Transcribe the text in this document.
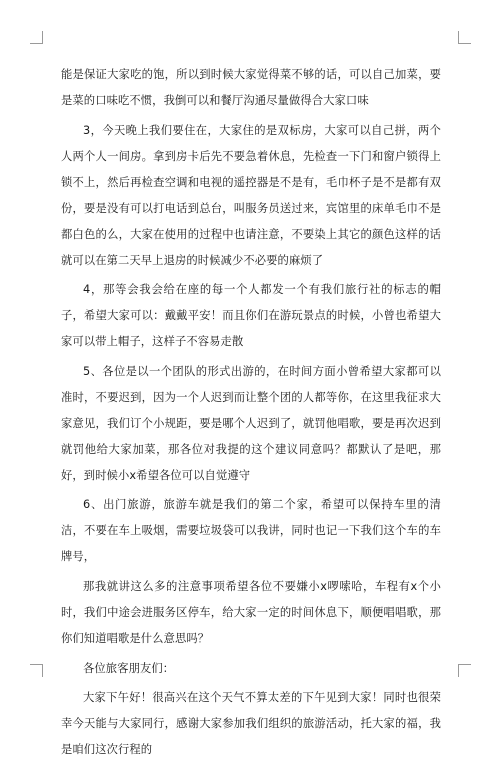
能是保证大家吃的饱，所以到时候大家觉得菜不够的话，可以自己加菜，要是菜的口味吃不惯，我倒可以和餐厅沟通尽量做得合大家口味

3，今天晚上我们要住在，大家住的是双标房，大家可以自己拼，两个人两个人一间房。拿到房卡后先不要急着休息，先检查一下门和窗户锁得上锁不上，然后再检查空调和电视的遥控器是不是有，毛巾杯子是不是都有双份，要是没有可以打电话到总台，叫服务员送过来，宾馆里的床单毛巾不是都白色的么，大家在使用的过程中也请注意，不要染上其它的颜色这样的话就可以在第二天早上退房的时候减少不必要的麻烦了

4，那等会我会给在座的每一个人都发一个有我们旅行社的标志的帽子，希望大家可以：戴戴平安！而且你们在游玩景点的时候，小曾也希望大家可以带上帽子，这样子不容易走散

5、各位是以一个团队的形式出游的，在时间方面小曾希望大家都可以准时，不要迟到，因为一个人迟到而让整个团的人都等你，在这里我征求大家意见，我们订个小规距，要是哪个人迟到了，就罚他唱歌，要是再次迟到就罚他给大家加菜，那各位对我提的这个建议同意吗？都默认了是吧，那好，到时候小x希望各位可以自觉遵守

6、出门旅游，旅游车就是我们的第二个家，希望可以保持车里的清洁，不要在车上吸烟，需要垃圾袋可以我讲，同时也记一下我们这个车的车牌号，

那我就讲这么多的注意事项希望各位不要嫌小x啰嗦哈，车程有x个小时，我们中途会进服务区停车，给大家一定的时间休息下，顺便唱唱歌，那你们知道唱歌是什么意思吗？

各位旅客朋友们：

大家下午好！很高兴在这个天气不算太差的下午见到大家！同时也很荣幸今天能与大家同行，感谢大家参加我们组织的旅游活动，托大家的福，我是咱们这次行程的
